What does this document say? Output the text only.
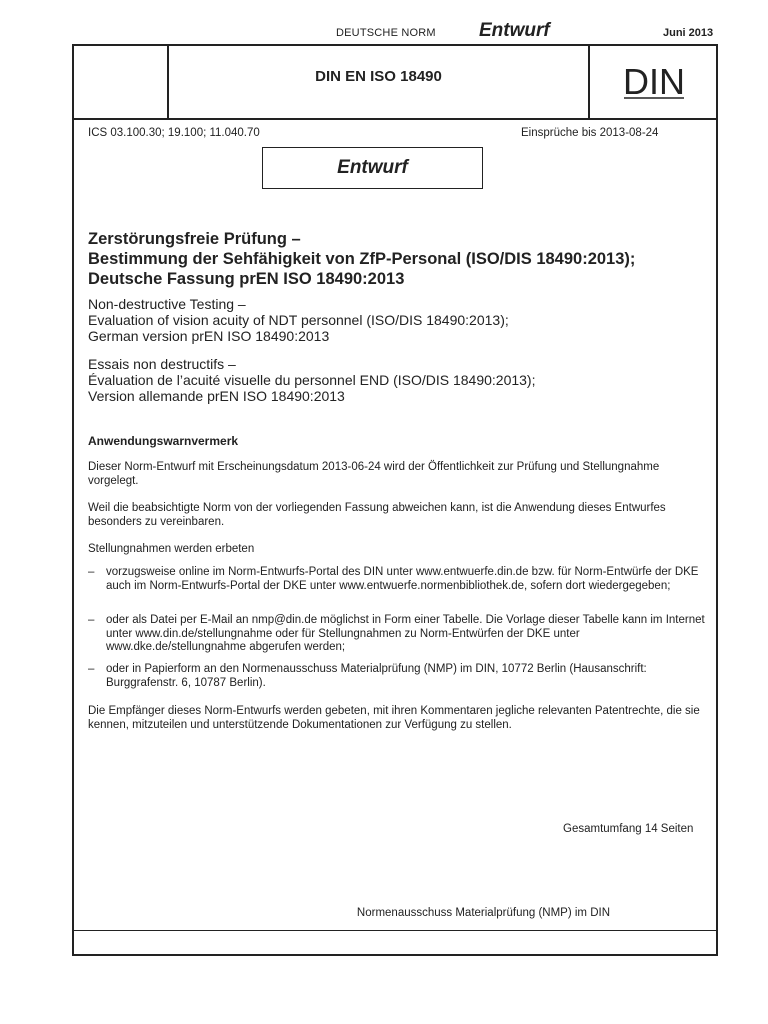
DEUTSCHE NORM Entwurf	Juni 2013
DIN EN ISO 18490	DIN
ICS 03.100.30; 19.100; 11.040.70	Einsprüche bis 2013-08-24
Entwurf
Zerstörungsfreie Prüfung –
Bestimmung der Sehfähigkeit von ZfP-Personal (ISO/DIS 18490:2013);
Deutsche Fassung prEN ISO 18490:2013
Non-destructive Testing –
Evaluation of vision acuity of NDT personnel (ISO/DIS 18490:2013);
German version prEN ISO 18490:2013
Essais non destructifs –
Évaluation de l’acuité visuelle du personnel END (ISO/DIS 18490:2013);
Version allemande prEN ISO 18490:2013
Anwendungswarnvermerk
Dieser Norm-Entwurf mit Erscheinungsdatum 2013-06-24 wird der Öffentlichkeit zur Prüfung und Stellungnahme vorgelegt.
Weil die beabsichtigte Norm von der vorliegenden Fassung abweichen kann, ist die Anwendung dieses Entwurfes besonders zu vereinbaren.
Stellungnahmen werden erbeten
– vorzugsweise online im Norm-Entwurfs-Portal des DIN unter www.entwuerfe.din.de bzw. für Norm-Entwürfe der DKE auch im Norm-Entwurfs-Portal der DKE unter www.entwuerfe.normenbibliothek.de, sofern dort wiedergegeben;
– oder als Datei per E-Mail an nmp@din.de möglichst in Form einer Tabelle. Die Vorlage dieser Tabelle kann im Internet unter www.din.de/stellungnahme oder für Stellungnahmen zu Norm-Entwürfen der DKE unter www.dke.de/stellungnahme abgerufen werden;
– oder in Papierform an den Normenausschuss Materialprüfung (NMP) im DIN, 10772 Berlin (Hausanschrift: Burggrafenstr. 6, 10787 Berlin).
Die Empfänger dieses Norm-Entwurfs werden gebeten, mit ihren Kommentaren jegliche relevanten Patentrechte, die sie kennen, mitzuteilen und unterstützende Dokumentationen zur Verfügung zu stellen.
Gesamtumfang 14 Seiten
Normenausschuss Materialprüfung (NMP) im DIN
